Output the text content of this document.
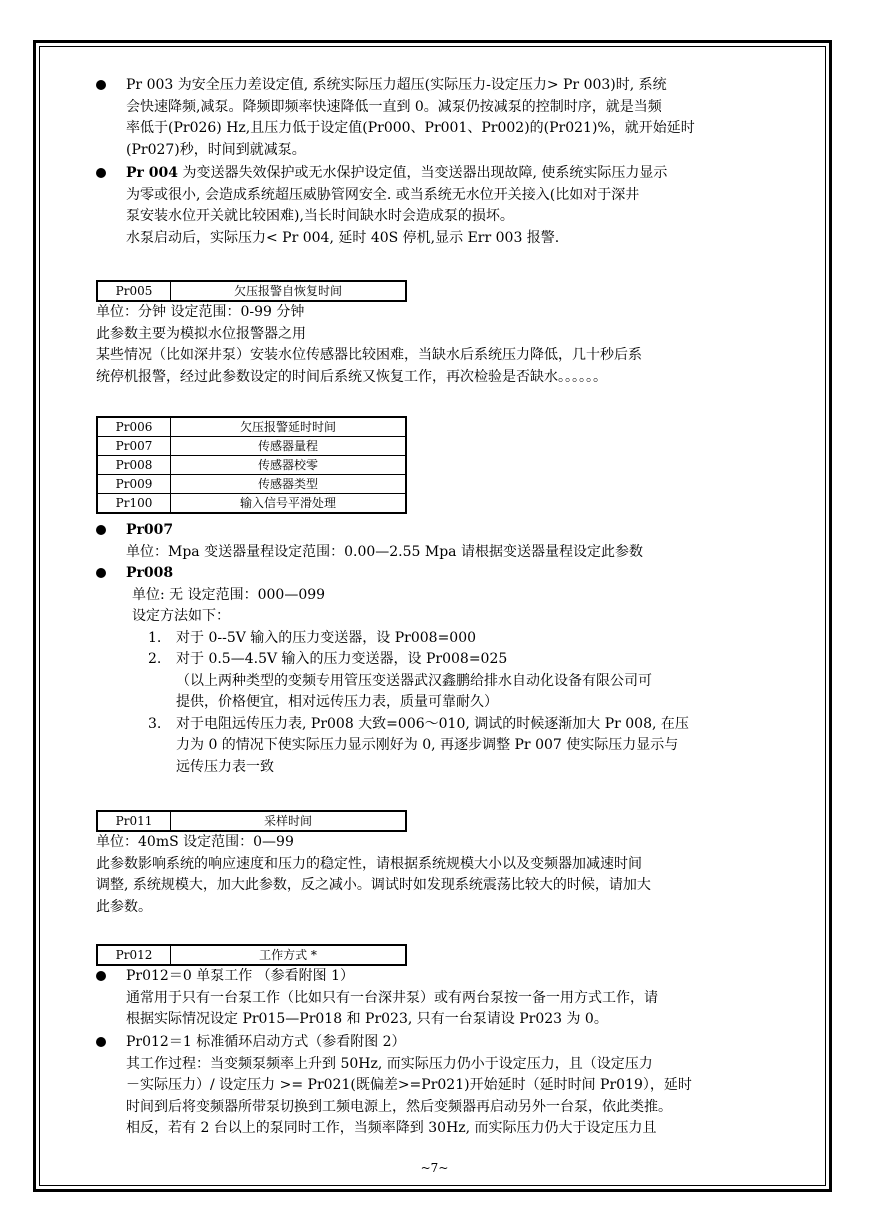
Pr 003 为安全压力差设定值, 系统实际压力超压(实际压力-设定压力> Pr 003)时, 系统
会快速降频,减泵。降频即频率快速降低一直到 0。减泵仍按减泵的控制时序，就是当频
率低于(Pr026) Hz,且压力低于设定值(Pr000、Pr001、Pr002)的(Pr021)%，就开始延时
(Pr027)秒，时间到就减泵。
Pr 004 为变送器失效保护或无水保护设定值，当变送器出现故障, 使系统实际压力显示
为零或很小, 会造成系统超压威胁管网安全. 或当系统无水位开关接入(比如对于深井
泵安装水位开关就比较困难),当长时间缺水时会造成泵的损坏。
水泵启动后，实际压力< Pr 004, 延时 40S 停机,显示 Err 003 报警.
Pr005	欠压报警自恢复时间
单位：分钟 设定范围：0-99 分钟
此参数主要为模拟水位报警器之用
某些情况（比如深井泵）安装水位传感器比较困难，当缺水后系统压力降低，几十秒后系
统停机报警，经过此参数设定的时间后系统又恢复工作，再次检验是否缺水。。。。。。
Pr006	欠压报警延时时间
Pr007	传感器量程
Pr008	传感器校零
Pr009	传感器类型
Pr100	输入信号平滑处理
Pr007
单位：Mpa 变送器量程设定范围：0.00—2.55 Mpa 请根据变送器量程设定此参数
Pr008
单位: 无 设定范围：000—099
设定方法如下：
1. 对于 0--5V 输入的压力变送器，设 Pr008=000
2. 对于 0.5—4.5V 输入的压力变送器，设 Pr008=025
（以上两种类型的变频专用管压变送器武汉鑫鹏给排水自动化设备有限公司可
提供，价格便宜，相对远传压力表，质量可靠耐久）
3. 对于电阻远传压力表, Pr008 大致=006～010, 调试的时候逐渐加大 Pr 008, 在压
力为 0 的情况下使实际压力显示刚好为 0, 再逐步调整 Pr 007 使实际压力显示与
远传压力表一致
Pr011	采样时间
单位：40mS 设定范围：0—99
此参数影响系统的响应速度和压力的稳定性，请根据系统规模大小以及变频器加减速时间
调整, 系统规模大，加大此参数，反之减小。调试时如发现系统震荡比较大的时候，请加大
此参数。
Pr012	工作方式 *
Pr012＝0 单泵工作 （参看附图 1）
通常用于只有一台泵工作（比如只有一台深井泵）或有两台泵按一备一用方式工作，请
根据实际情况设定 Pr015—Pr018 和 Pr023, 只有一台泵请设 Pr023 为 0。
Pr012＝1 标准循环启动方式（参看附图 2）
其工作过程：当变频泵频率上升到 50Hz, 而实际压力仍小于设定压力，且（设定压力
－实际压力）/ 设定压力 >= Pr021(既偏差>=Pr021)开始延时（延时时间 Pr019），延时
时间到后将变频器所带泵切换到工频电源上，然后变频器再启动另外一台泵，依此类推。
相反，若有 2 台以上的泵同时工作，当频率降到 30Hz, 而实际压力仍大于设定压力且
~7~
